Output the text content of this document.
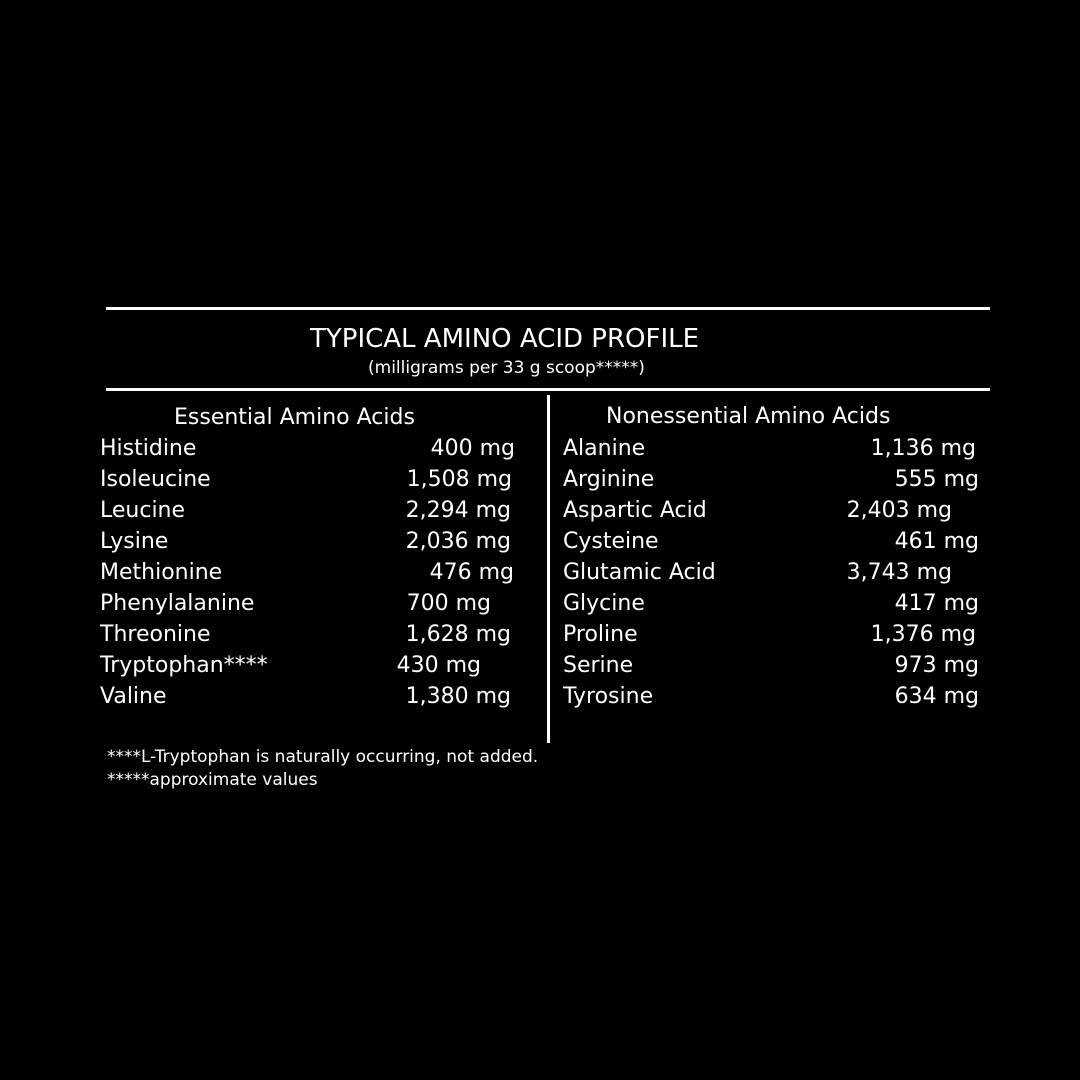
TYPICAL AMINO ACID PROFILE
(milligrams per 33 g scoop*****)
Essential Amino Acids	Nonessential Amino Acids
Histidine	400 mg
Isoleucine	1,508 mg
Leucine	2,294 mg
Lysine	2,036 mg
Methionine	476 mg
Phenylalanine	700 mg
Threonine	1,628 mg
Tryptophan****	430 mg
Valine	1,380 mg
Alanine	1,136 mg
Arginine	555 mg
Aspartic Acid	2,403 mg
Cysteine	461 mg
Glutamic Acid	3,743 mg
Glycine	417 mg
Proline	1,376 mg
Serine	973 mg
Tyrosine	634 mg
****L-Tryptophan is naturally occurring, not added.
*****approximate values
